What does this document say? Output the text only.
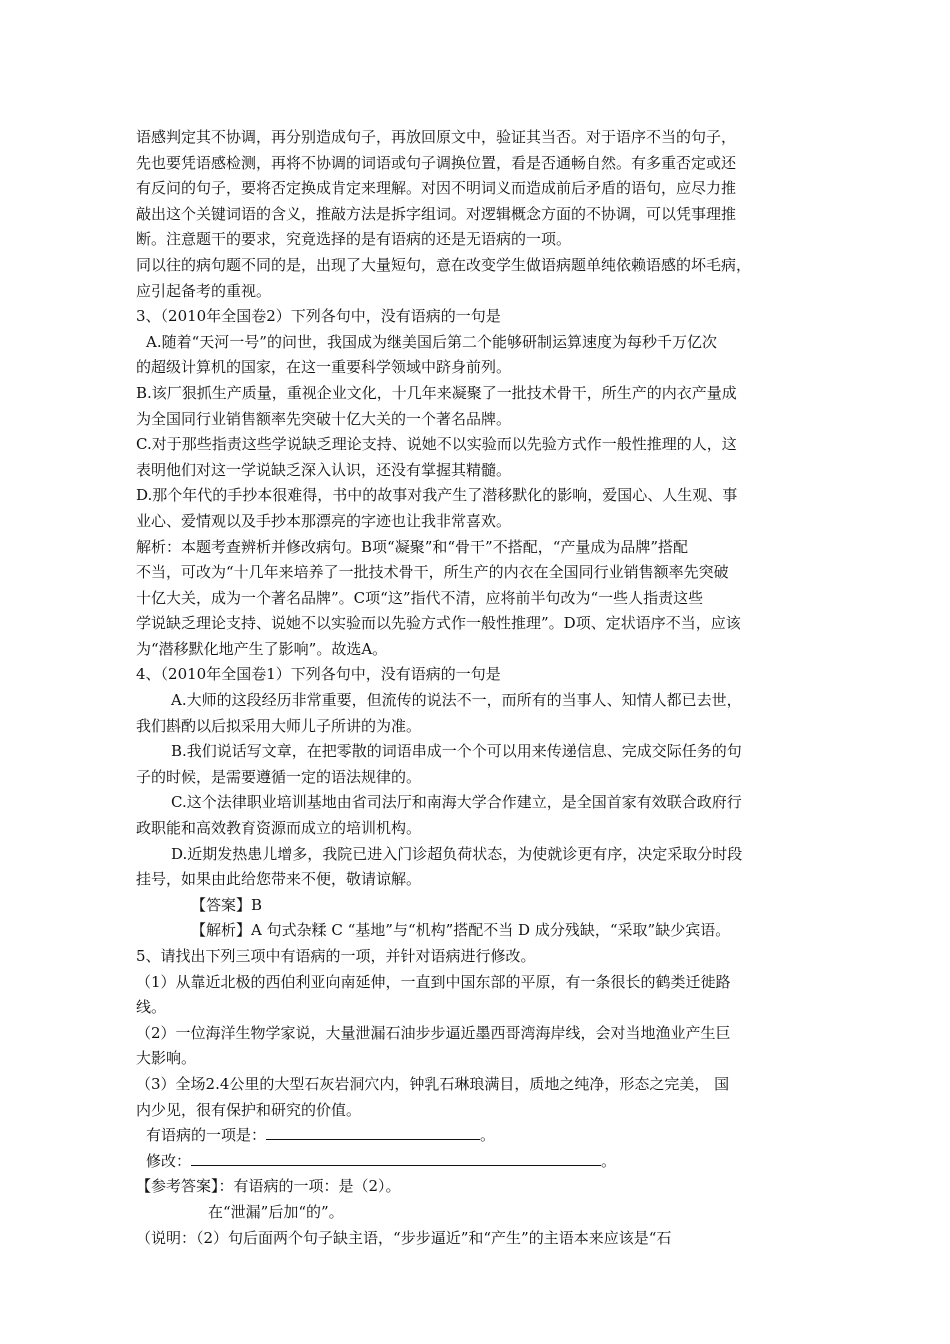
语感判定其不协调，再分别造成句子，再放回原文中，验证其当否。对于语序不当的句子，
先也要凭语感检测，再将不协调的词语或句子调换位置，看是否通畅自然。有多重否定或还
有反问的句子，要将否定换成肯定来理解。对因不明词义而造成前后矛盾的语句，应尽力推
敲出这个关键词语的含义，推敲方法是拆字组词。对逻辑概念方面的不协调，可以凭事理推
断。注意题干的要求，究竟选择的是有语病的还是无语病的一项。
同以往的病句题不同的是，出现了大量短句，意在改变学生做语病题单纯依赖语感的坏毛病，
应引起备考的重视。
3、（2010年全国卷2）下列各句中，没有语病的一句是
A.随着“天河一号”的问世，我国成为继美国后第二个能够研制运算速度为每秒千万亿次
的超级计算机的国家，在这一重要科学领域中跻身前列。
B.该厂狠抓生产质量，重视企业文化，十几年来凝聚了一批技术骨干，所生产的内衣产量成
为全国同行业销售额率先突破十亿大关的一个著名品牌。
C.对于那些指责这些学说缺乏理论支持、说她不以实验而以先验方式作一般性推理的人，这
表明他们对这一学说缺乏深入认识，还没有掌握其精髓。
D.那个年代的手抄本很难得，书中的故事对我产生了潜移默化的影响，爱国心、人生观、事
业心、爱情观以及手抄本那漂亮的字迹也让我非常喜欢。
解析：本题考查辨析并修改病句。B项“凝聚”和“骨干”不搭配，“产量成为品牌”搭配
不当，可改为“十几年来培养了一批技术骨干，所生产的内衣在全国同行业销售额率先突破
十亿大关，成为一个著名品牌”。C项“这”指代不清，应将前半句改为“一些人指责这些
学说缺乏理论支持、说她不以实验而以先验方式作一般性推理”。D项、定状语序不当，应该
为“潜移默化地产生了影响”。故选A。
4、（2010年全国卷1）下列各句中，没有语病的一句是
A.大师的这段经历非常重要，但流传的说法不一，而所有的当事人、知情人都已去世，
我们斟酌以后拟采用大师儿子所讲的为准。
B.我们说话写文章，在把零散的词语串成一个个可以用来传递信息、完成交际任务的句
子的时候，是需要遵循一定的语法规律的。
C.这个法律职业培训基地由省司法厅和南海大学合作建立，是全国首家有效联合政府行
政职能和高效教育资源而成立的培训机构。
D.近期发热患儿增多，我院已进入门诊超负荷状态，为使就诊更有序，决定采取分时段
挂号，如果由此给您带来不便，敬请谅解。
【答案】B
【解析】A 句式杂糅 C “基地”与“机构”搭配不当 D 成分残缺，“采取”缺少宾语。
5、请找出下列三项中有语病的一项，并针对语病进行修改。
（1）从靠近北极的西伯利亚向南延伸，一直到中国东部的平原，有一条很长的鹤类迁徙路
线。
（2）一位海洋生物学家说，大量泄漏石油步步逼近墨西哥湾海岸线，会对当地渔业产生巨
大影响。
（3）全场2.4公里的大型石灰岩洞穴内，钟乳石琳琅满目，质地之纯净，形态之完美， 国
内少见，很有保护和研究的价值。
有语病的一项是：	。
修改：	。
【参考答案】：有语病的一项：是（2）。
在“泄漏”后加“的”。
（说明：（2）句后面两个句子缺主语，“步步逼近”和“产生”的主语本来应该是“石
